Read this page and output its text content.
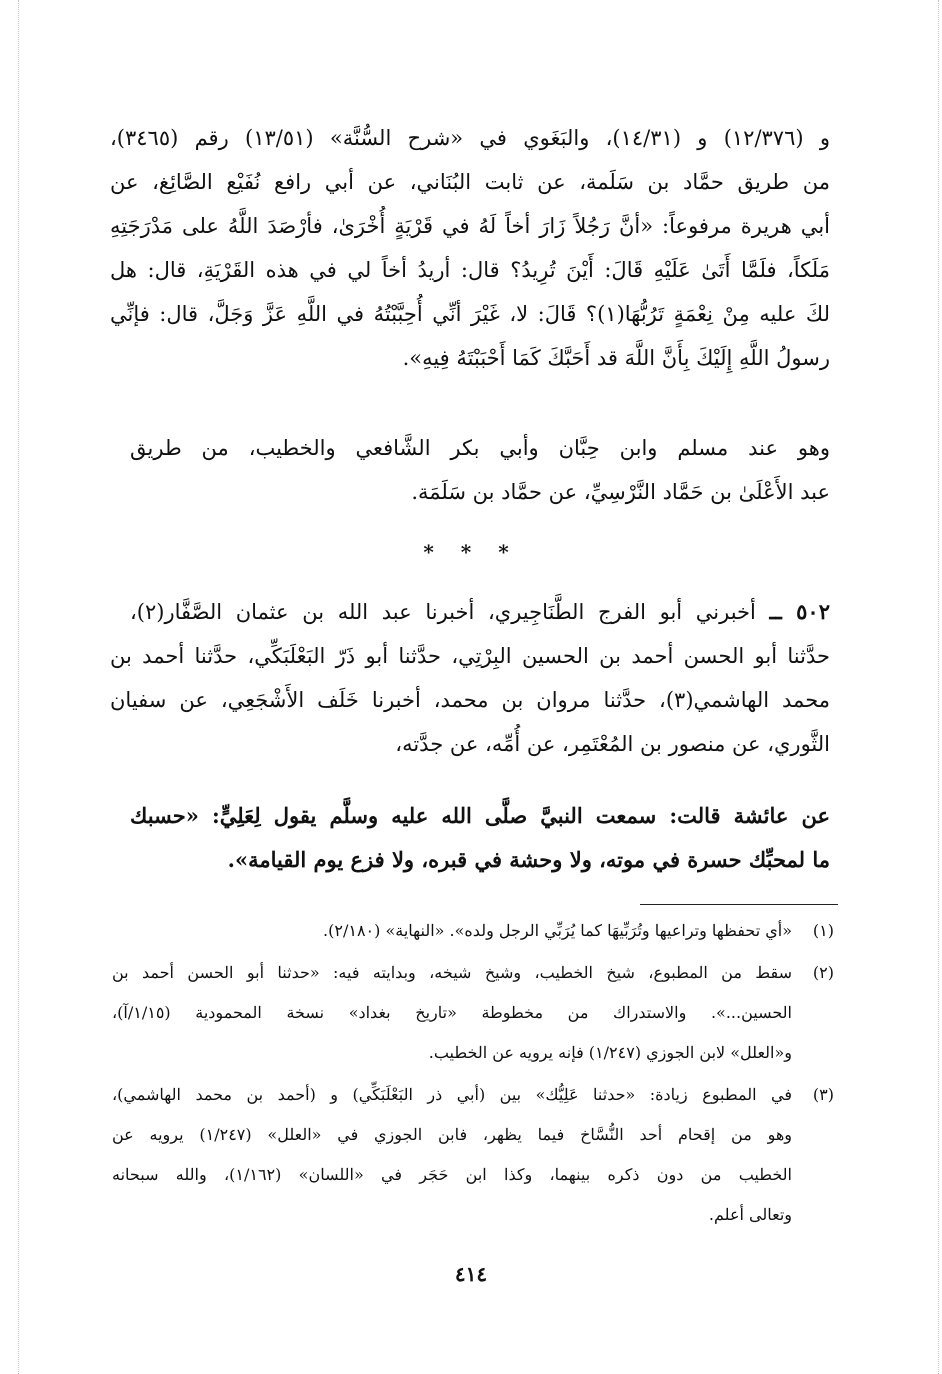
و (١٢/٣٧٦) و (١٤/٣١)، والبَغَوي في «شرح السُّنَّة» (١٣/٥١) رقم (٣٤٦٥)،
من طريق حمَّاد بن سَلَمة، عن ثابت البُنَاني، عن أبي رافع نُفَيْع الصَّائِغ، عن
أبي هريرة مرفوعاً: «أنَّ رَجُلاً زَارَ أخاً لَهُ في قَرْيَةٍ أُخْرَىٰ، فأرْصَدَ اللَّهُ على مَدْرَجَتِهِ
مَلَكاً، فلَمَّا أَتَىٰ عَلَيْهِ قَالَ: أَيْنَ تُرِيدُ؟ قال: أريدُ أخاً لي في هذه القَرْيَةِ، قال: هل
لكَ عليه مِنْ نِعْمَةٍ تَرُبُّهَا(١)؟ قَالَ: لا، غَيْرَ أنِّي أُحِبَّبْتُهُ في اللَّهِ عَزَّ وَجَلَّ، قال: فإنِّي
رسولُ اللَّهِ إِلَيْكَ بِأَنَّ اللَّهَ قد أَحَبَّكَ كَمَا أَحْبَبْتَهُ فِيهِ».
وهو عند مسلم وابن حِبَّان وأبي بكر الشَّافعي والخطيب، من طريق
عبد الأَعْلَىٰ بن حَمَّاد النَّرْسِيِّ، عن حمَّاد بن سَلَمَة.
* * *
٥٠٢ ــ أخبرني أبو الفرج الطَّنَاجِيري، أخبرنا عبد الله بن عثمان الصَّفَّار(٢)،
حدَّثنا أبو الحسن أحمد بن الحسين البِرْتِي، حدَّثنا أبو ذَرّ البَعْلَبَكِّي، حدَّثنا أحمد بن
محمد الهاشمي(٣)، حدَّثنا مروان بن محمد، أخبرنا خَلَف الأَشْجَعِي، عن سفيان
الثَّوري، عن منصور بن المُعْتَمِر، عن أُمِّه، عن جدَّته،
عن عائشة قالت: سمعت النبيَّ صلَّى الله عليه وسلَّم يقول لِعَلِيٍّ: «حسبك
ما لمحبِّك حسرة في موته، ولا وحشة في قبره، ولا فزع يوم القيامة».
(١)
«أي تحفظها وتراعيها وتُرَبِّيهَا كما يُرَبِّي الرجل ولده». «النهاية» (٢/١٨٠).
(٢)
سقط من المطبوع، شيخ الخطيب، وشيخ شيخه، وبدايته فيه: «حدثنا أبو الحسن أحمد بن
الحسين...». والاستدراك من مخطوطة «تاريخ بغداد» نسخة المحمودية (١/١٥/آ)،
و«العلل» لابن الجوزي (١/٢٤٧) فإنه يرويه عن الخطيب.
(٣)
في المطبوع زيادة: «حدثنا عَلِيُّك» بين (أبي ذر البَعْلَبَكِّي) و (أحمد بن محمد الهاشمي)،
وهو من إقحام أحد النُّسَّاخ فيما يظهر، فابن الجوزي في «العلل» (١/٢٤٧) يرويه عن
الخطيب من دون ذكره بينهما، وكذا ابن حَجَر في «اللسان» (١/١٦٢)، والله سبحانه
وتعالى أعلم.
٤١٤
